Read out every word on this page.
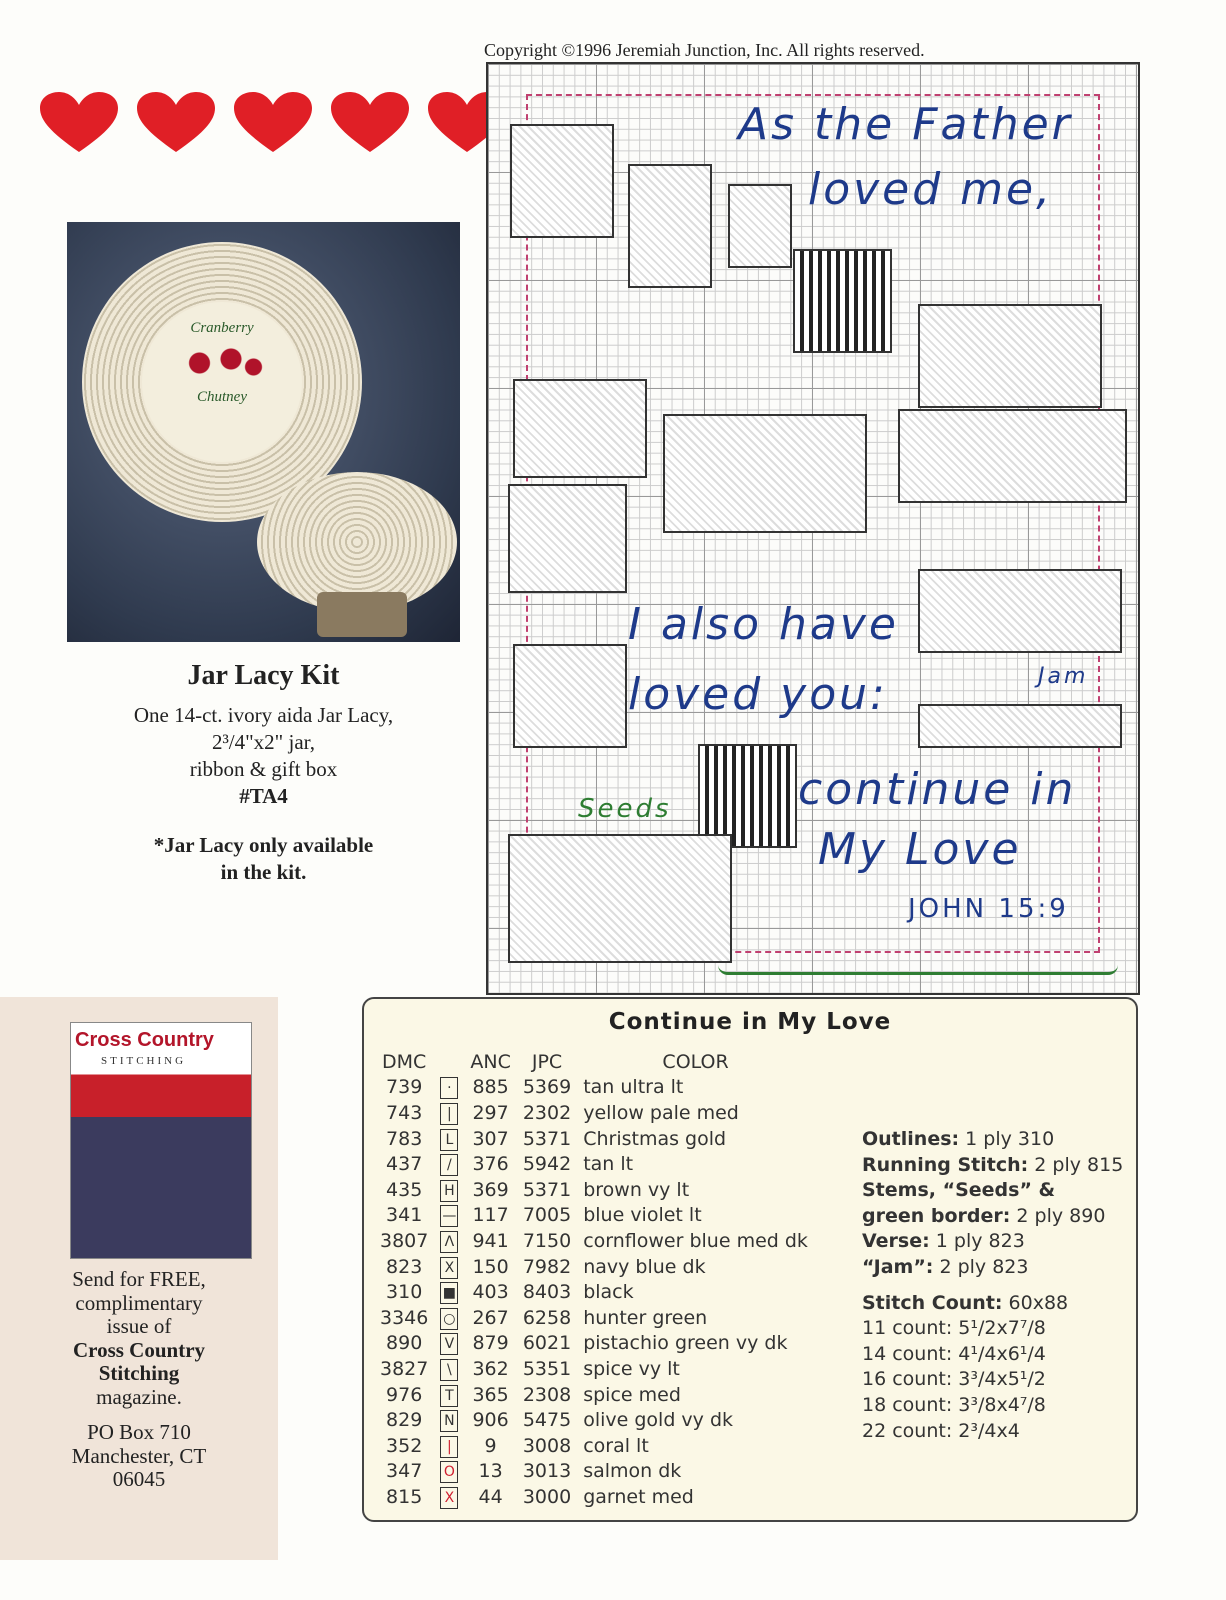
Cranberry
Chutney
Jar Lacy Kit

One 14-ct. ivory aida Jar Lacy,

2³/4"x2" jar,

ribbon & gift box

#TA4

*Jar Lacy only available

in the kit.

Copyright ©1996 Jeremiah Junction, Inc. All rights reserved.
As the Father
loved me,
I also have
loved you:
continue in
My Love
JOHN 15:9
Seeds
Jam
Cross Country
STITCHING
Send for FREE,
complimentary
issue of
Cross Country
Stitching
magazine.
PO Box 710
Manchester, CT
06045
Continue in My Love
DMC		ANC	JPC	COLOR
739	·	885	5369	tan ultra lt
743	|	297	2302	yellow pale med
783	L	307	5371	Christmas gold
437	/	376	5942	tan lt
435	H	369	5371	brown vy lt
341	—	117	7005	blue violet lt
3807	Λ	941	7150	cornflower blue med dk
823	X	150	7982	navy blue dk
310	■	403	8403	black
3346	○	267	6258	hunter green
890	V	879	6021	pistachio green vy dk
3827	\	362	5351	spice vy lt
976	T	365	2308	spice med
829	N	906	5475	olive gold vy dk
352	|	9	3008	coral lt
347	O	13	3013	salmon dk
815	X	44	3000	garnet med
Outlines: 1 ply 310
Running Stitch: 2 ply 815
Stems, “Seeds” &
green border: 2 ply 890
Verse: 1 ply 823
“Jam”: 2 ply 823
Stitch Count: 60x88
11 count: 5¹/2x7⁷/8
14 count: 4¹/4x6¹/4
16 count: 3³/4x5¹/2
18 count: 3³/8x4⁷/8
22 count: 2³/4x4
